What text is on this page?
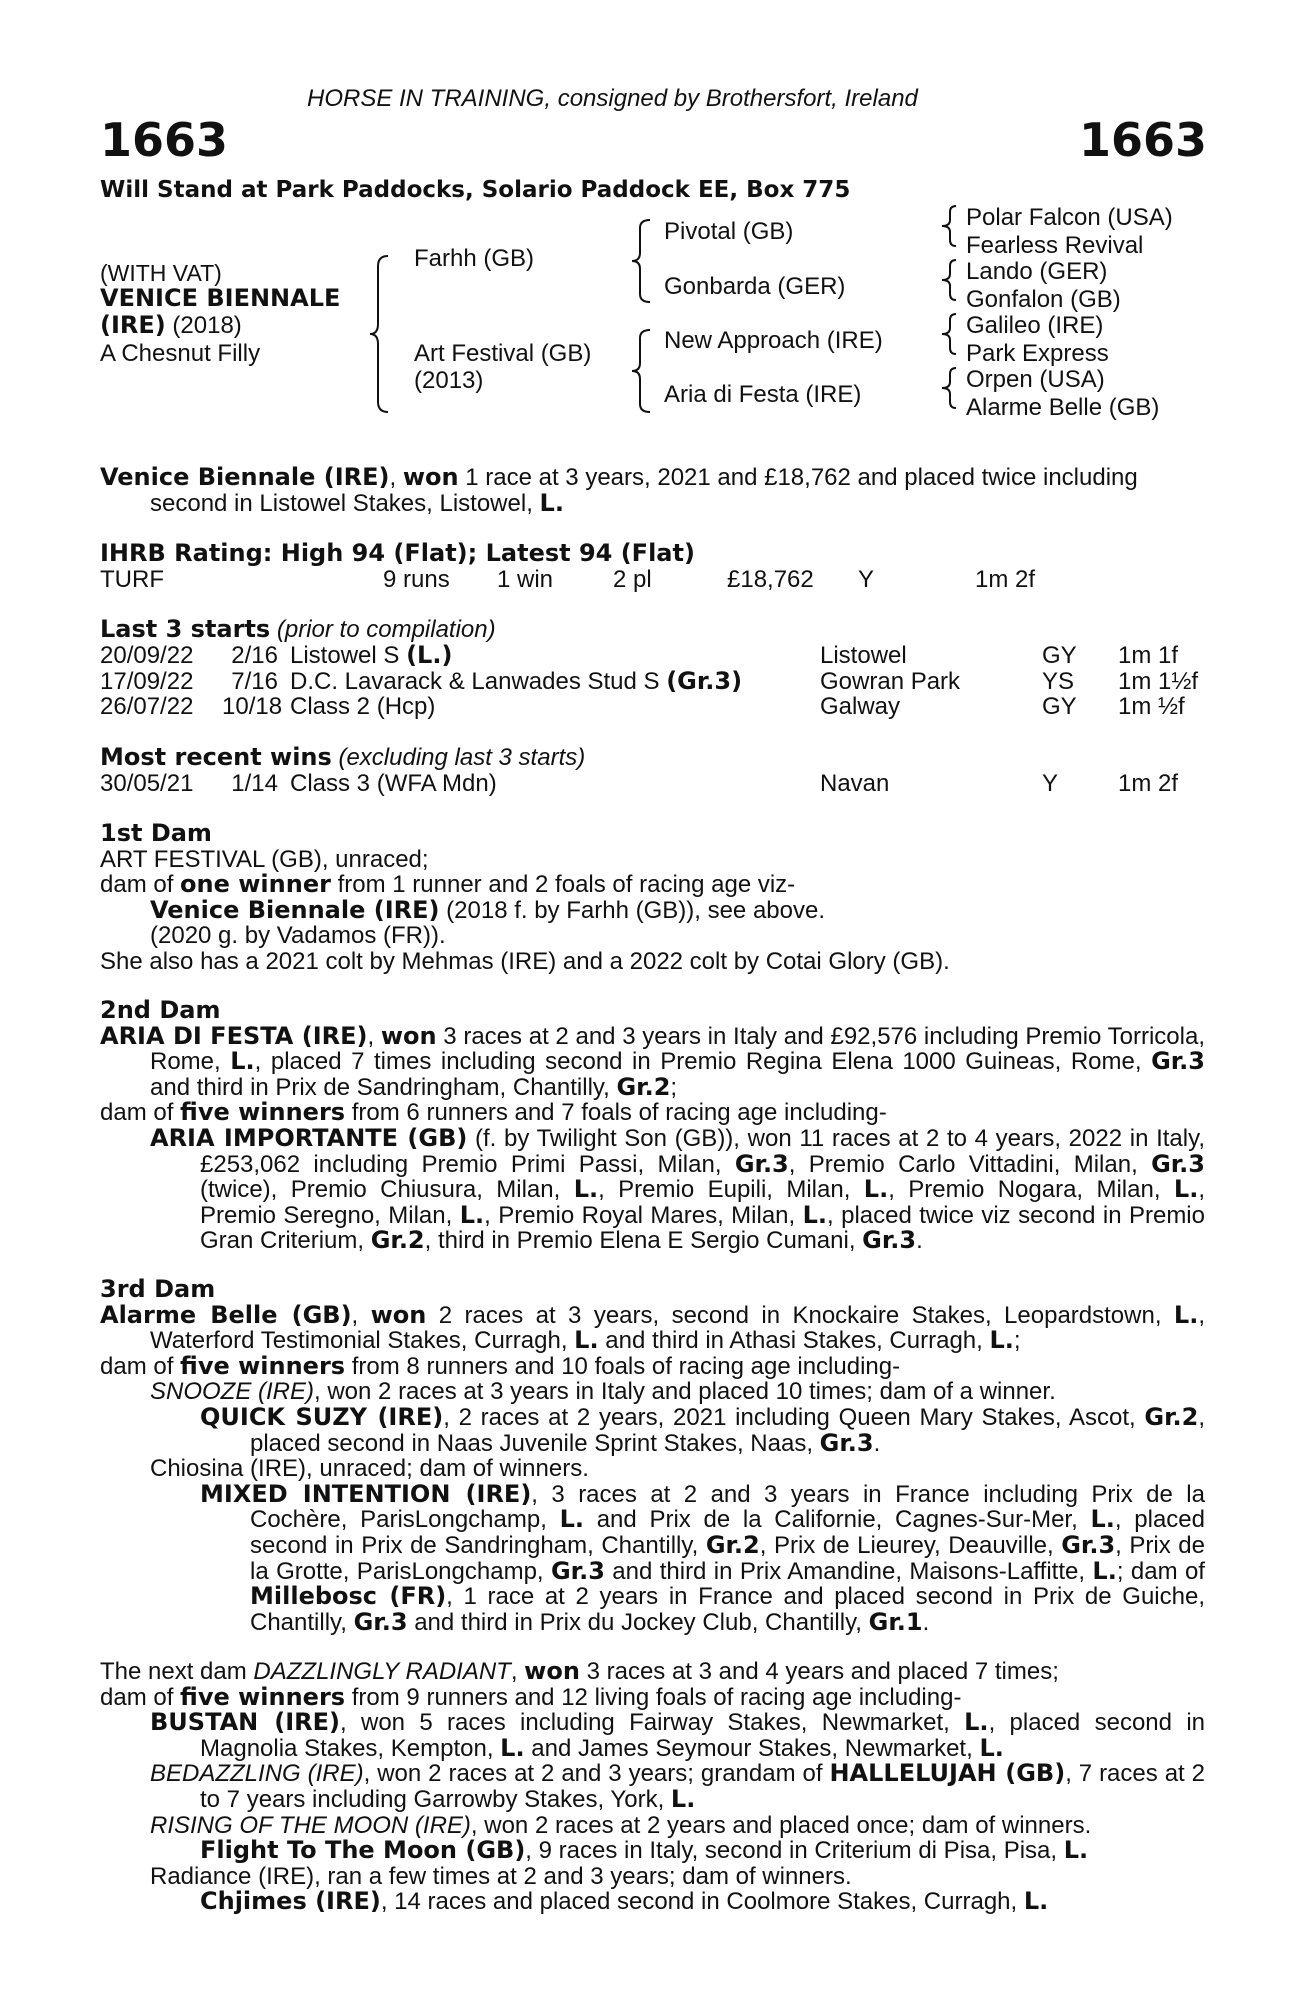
HORSE IN TRAINING, consigned by Brothersfort, Ireland
1663	1663
Will Stand at Park Paddocks, Solario Paddock EE, Box 775
(WITH VAT)
VENICE BIENNALE
(IRE) (2018)
A Chesnut Filly
Farhh (GB)
Art Festival (GB)
(2013)
Pivotal (GB)
Gonbarda (GER)
New Approach (IRE)
Aria di Festa (IRE)
Polar Falcon (USA)
Fearless Revival
Lando (GER)
Gonfalon (GB)
Galileo (IRE)
Park Express
Orpen (USA)
Alarme Belle (GB)

Venice Biennale (IRE), won 1 race at 3 years, 2021 and £18,762 and placed twice including
second in Listowel Stakes, Listowel, L.

IHRB Rating: High 94 (Flat); Latest 94 (Flat)
TURF	9 runs 1 win 2 pl	£18,762 Y	1m 2f
Last 3 starts (prior to compilation)
20/09/22	2/16 Listowel S (L.)	Listowel	GY 1m 1f
17/09/22	7/16 D.C. Lavarack & Lanwades Stud S (Gr.3)	Gowran Park	YS 1m 1½f
26/07/22 10/18 Class 2 (Hcp)	Galway	GY 1m ½f
Most recent wins (excluding last 3 starts)
30/05/21	1/14 Class 3 (WFA Mdn)	Navan	Y 1m 2f

1st Dam

ART FESTIVAL (GB), unraced;

dam of one winner from 1 runner and 2 foals of racing age viz-

Venice Biennale (IRE) (2018 f. by Farhh (GB)), see above.

(2020 g. by Vadamos (FR)).

She also has a 2021 colt by Mehmas (IRE) and a 2022 colt by Cotai Glory (GB).

2nd Dam

ARIA DI FESTA (IRE), won 3 races at 2 and 3 years in Italy and £92,576 including Premio Torricola, Rome, L., placed 7 times including second in Premio Regina Elena 1000 Guineas, Rome, Gr.3 and third in Prix de Sandringham, Chantilly, Gr.2;

dam of five winners from 6 runners and 7 foals of racing age including-

ARIA IMPORTANTE (GB) (f. by Twilight Son (GB)), won 11 races at 2 to 4 years, 2022 in Italy, £253,062 including Premio Primi Passi, Milan, Gr.3, Premio Carlo Vittadini, Milan, Gr.3 (twice), Premio Chiusura, Milan, L., Premio Eupili, Milan, L., Premio Nogara, Milan, L., Premio Seregno, Milan, L., Premio Royal Mares, Milan, L., placed twice viz second in Premio Gran Criterium, Gr.2, third in Premio Elena E Sergio Cumani, Gr.3.

3rd Dam

Alarme Belle (GB), won 2 races at 3 years, second in Knockaire Stakes, Leopardstown, L., Waterford Testimonial Stakes, Curragh, L. and third in Athasi Stakes, Curragh, L.;

dam of five winners from 8 runners and 10 foals of racing age including-

SNOOZE (IRE), won 2 races at 3 years in Italy and placed 10 times; dam of a winner.

QUICK SUZY (IRE), 2 races at 2 years, 2021 including Queen Mary Stakes, Ascot, Gr.2, placed second in Naas Juvenile Sprint Stakes, Naas, Gr.3.

Chiosina (IRE), unraced; dam of winners.

MIXED INTENTION (IRE), 3 races at 2 and 3 years in France including Prix de la Cochère, ParisLongchamp, L. and Prix de la Californie, Cagnes-Sur-Mer, L., placed second in Prix de Sandringham, Chantilly, Gr.2, Prix de Lieurey, Deauville, Gr.3, Prix de la Grotte, ParisLongchamp, Gr.3 and third in Prix Amandine, Maisons-Laffitte, L.; dam of Millebosc (FR), 1 race at 2 years in France and placed second in Prix de Guiche, Chantilly, Gr.3 and third in Prix du Jockey Club, Chantilly, Gr.1.

The next dam DAZZLINGLY RADIANT, won 3 races at 3 and 4 years and placed 7 times;

dam of five winners from 9 runners and 12 living foals of racing age including-

BUSTAN (IRE), won 5 races including Fairway Stakes, Newmarket, L., placed second in Magnolia Stakes, Kempton, L. and James Seymour Stakes, Newmarket, L.

BEDAZZLING (IRE), won 2 races at 2 and 3 years; grandam of HALLELUJAH (GB), 7 races at 2 to 7 years including Garrowby Stakes, York, L.

RISING OF THE MOON (IRE), won 2 races at 2 years and placed once; dam of winners.

Flight To The Moon (GB), 9 races in Italy, second in Criterium di Pisa, Pisa, L.

Radiance (IRE), ran a few times at 2 and 3 years; dam of winners.

Chjimes (IRE), 14 races and placed second in Coolmore Stakes, Curragh, L.
